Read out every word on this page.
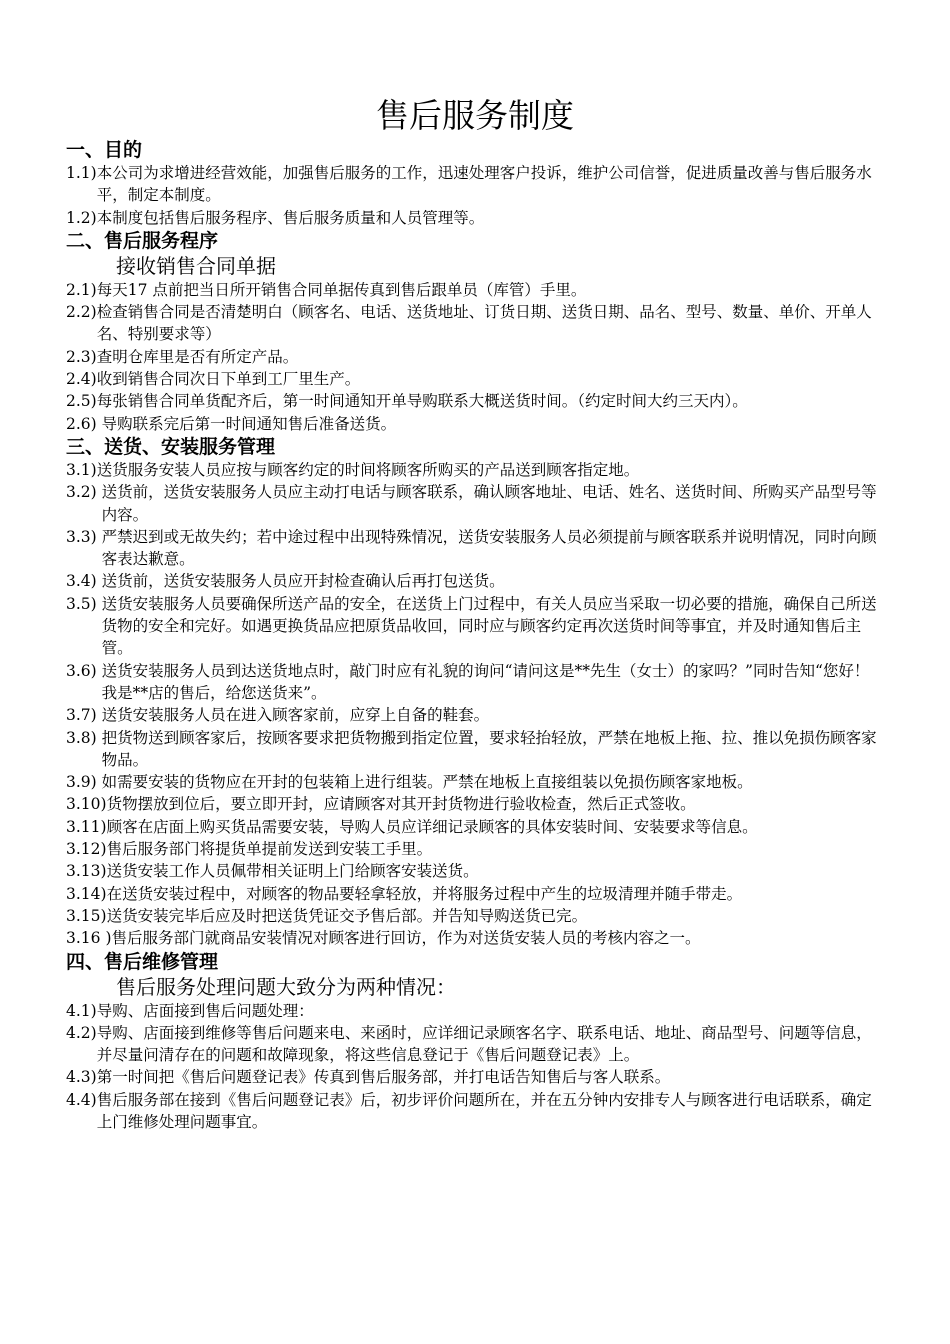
售后服务制度
一、目的
1.1) 本公司为求增进经营效能，加强售后服务的工作，迅速处理客户投诉，维护公司信誉，促进质量改善与售后服务水平，制定本制度。
1.2) 本制度包括售后服务程序、售后服务质量和人员管理等。
二、售后服务程序
接收销售合同单据
2.1) 每天17 点前把当日所开销售合同单据传真到售后跟单员（库管）手里。
2.2) 检查销售合同是否清楚明白（顾客名、电话、送货地址、订货日期、送货日期、品名、型号、数量、单价、开单人名、特别要求等）
2.3) 查明仓库里是否有所定产品。
2.4) 收到销售合同次日下单到工厂里生产。
2.5) 每张销售合同单货配齐后，第一时间通知开单导购联系大概送货时间。（约定时间大约三天内）。
2.6) 导购联系完后第一时间通知售后准备送货。
三、送货、安装服务管理
3.1) 送货服务安装人员应按与顾客约定的时间将顾客所购买的产品送到顾客指定地。
3.2) 送货前，送货安装服务人员应主动打电话与顾客联系，确认顾客地址、电话、姓名、送货时间、所购买产品型号等内容。
3.3) 严禁迟到或无故失约；若中途过程中出现特殊情况，送货安装服务人员必须提前与顾客联系并说明情况，同时向顾客表达歉意。
3.4) 送货前，送货安装服务人员应开封检查确认后再打包送货。
3.5) 送货安装服务人员要确保所送产品的安全，在送货上门过程中，有关人员应当采取一切必要的措施，确保自己所送货物的安全和完好。如遇更换货品应把原货品收回，同时应与顾客约定再次送货时间等事宜，并及时通知售后主管。
3.6) 送货安装服务人员到达送货地点时，敲门时应有礼貌的询问“请问这是**先生（女士）的家吗？”同时告知“您好！我是**店的售后，给您送货来”。
3.7) 送货安装服务人员在进入顾客家前，应穿上自备的鞋套。
3.8) 把货物送到顾客家后，按顾客要求把货物搬到指定位置，要求轻抬轻放，严禁在地板上拖、拉、推以免损伤顾客家物品。
3.9) 如需要安装的货物应在开封的包装箱上进行组装。严禁在地板上直接组装以免损伤顾客家地板。
3.10) 货物摆放到位后，要立即开封，应请顾客对其开封货物进行验收检查，然后正式签收。
3.11) 顾客在店面上购买货品需要安装，导购人员应详细记录顾客的具体安装时间、安装要求等信息。
3.12) 售后服务部门将提货单提前发送到安装工手里。
3.13) 送货安装工作人员佩带相关证明上门给顾客安装送货。
3.14) 在送货安装过程中，对顾客的物品要轻拿轻放，并将服务过程中产生的垃圾清理并随手带走。
3.15) 送货安装完毕后应及时把送货凭证交予售后部。并告知导购送货已完。
3.16 ) 售后服务部门就商品安装情况对顾客进行回访，作为对送货安装人员的考核内容之一。
四、售后维修管理
售后服务处理问题大致分为两种情况：
4.1) 导购、店面接到售后问题处理：
4.2) 导购、店面接到维修等售后问题来电、来函时，应详细记录顾客名字、联系电话、地址、商品型号、问题等信息，并尽量问清存在的问题和故障现象，将这些信息登记于《售后问题登记表》上。
4.3) 第一时间把《售后问题登记表》传真到售后服务部，并打电话告知售后与客人联系。
4.4) 售后服务部在接到《售后问题登记表》后，初步评价问题所在，并在五分钟内安排专人与顾客进行电话联系，确定上门维修处理问题事宜。
